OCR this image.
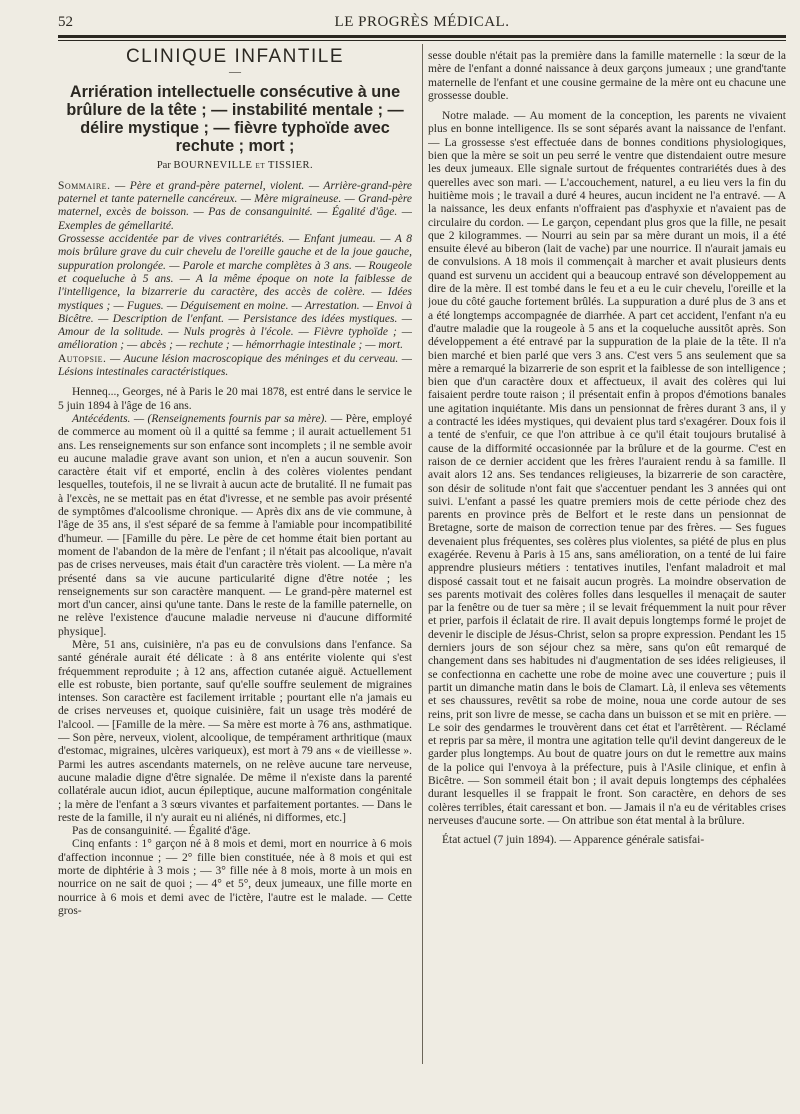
52	LE PROGRÈS MÉDICAL.
CLINIQUE INFANTILE
—
Arriération intellectuelle consécutive à une brûlure de la tête ; — instabilité mentale ; — délire mystique ; — fièvre typhoïde avec rechute ; mort ;
Par BOURNEVILLE et TISSIER.

Sommaire. — Père et grand-père paternel, violent. — Arrière-grand-père paternel et tante paternelle cancéreux. — Mère migraineuse. — Grand-père maternel, excès de boisson. — Pas de consanguinité. — Égalité d'âge. — Exemples de gémellarité.

Grossesse accidentée par de vives contrariétés. — Enfant jumeau. — A 8 mois brûlure grave du cuir chevelu de l'oreille gauche et de la joue gauche, suppuration prolongée. — Parole et marche complètes à 3 ans. — Rougeole et coqueluche à 5 ans. — A la même époque on note la faiblesse de l'intelligence, la bizarrerie du caractère, des accès de colère. — Idées mystiques ; — Fugues. — Déguisement en moine. — Arrestation. — Envoi à Bicêtre. — Description de l'enfant. — Persistance des idées mystiques. — Amour de la solitude. — Nuls progrès à l'école. — Fièvre typhoïde ; — amélioration ; — abcès ; — rechute ; — hémorrhagie intestinale ; — mort.

Autopsie. — Aucune lésion macroscopique des méninges et du cerveau. — Lésions intestinales caractéristiques.

Henneq..., Georges, né à Paris le 20 mai 1878, est entré dans le service le 5 juin 1894 à l'âge de 16 ans.

Antécédents. — (Renseignements fournis par sa mère). — Père, employé de commerce au moment où il a quitté sa femme ; il aurait actuellement 51 ans. Les renseignements sur son enfance sont incomplets ; il ne semble avoir eu aucune maladie grave avant son union, et n'en a aucun souvenir. Son caractère était vif et emporté, enclin à des colères violentes pendant lesquelles, toutefois, il ne se livrait à aucun acte de brutalité. Il ne fumait pas à l'excès, ne se mettait pas en état d'ivresse, et ne semble pas avoir présenté de symptômes d'alcoolisme chronique. — Après dix ans de vie commune, à l'âge de 35 ans, il s'est séparé de sa femme à l'amiable pour incompatibilité d'humeur. — [Famille du père. Le père de cet homme était bien portant au moment de l'abandon de la mère de l'enfant ; il n'était pas alcoolique, n'avait pas de crises nerveuses, mais était d'un caractère très violent. — La mère n'a présenté dans sa vie aucune particularité digne d'être notée ; les renseignements sur son caractère manquent. — Le grand-père maternel est mort d'un cancer, ainsi qu'une tante. Dans le reste de la famille paternelle, on ne relève l'existence d'aucune maladie nerveuse ni d'aucune difformité physique].

Mère, 51 ans, cuisinière, n'a pas eu de convulsions dans l'enfance. Sa santé générale aurait été délicate : à 8 ans entérite violente qui s'est fréquemment reproduite ; à 12 ans, affection cutanée aiguë. Actuellement elle est robuste, bien portante, sauf qu'elle souffre seulement de migraines intenses. Son caractère est facilement irritable ; pourtant elle n'a jamais eu de crises nerveuses et, quoique cuisinière, fait un usage très modéré de l'alcool. — [Famille de la mère. — Sa mère est morte à 76 ans, asthmatique. — Son père, nerveux, violent, alcoolique, de tempérament arthritique (maux d'estomac, migraines, ulcères variqueux), est mort à 79 ans « de vieillesse ». Parmi les autres ascendants maternels, on ne relève aucune tare nerveuse, aucune maladie digne d'être signalée. De même il n'existe dans la parenté collatérale aucun idiot, aucun épileptique, aucune malformation congénitale ; la mère de l'enfant a 3 sœurs vivantes et parfaitement portantes. — Dans le reste de la famille, il n'y aurait eu ni aliénés, ni difformes, etc.]

Pas de consanguinité. — Égalité d'âge.

Cinq enfants : 1° garçon né à 8 mois et demi, mort en nourrice à 6 mois d'affection inconnue ; — 2° fille bien constituée, née à 8 mois et qui est morte de diphtérie à 3 mois ; — 3° fille née à 8 mois, morte à un mois en nourrice on ne sait de quoi ; — 4° et 5°, deux jumeaux, une fille morte en nourrice à 6 mois et demi avec de l'ictère, l'autre est le malade. — Cette gros-

sesse double n'était pas la première dans la famille maternelle : la sœur de la mère de l'enfant a donné naissance à deux garçons jumeaux ; une grand'tante maternelle de l'enfant et une cousine germaine de la mère ont eu chacune une grossesse double.

Notre malade. — Au moment de la conception, les parents ne vivaient plus en bonne intelligence. Ils se sont séparés avant la naissance de l'enfant. — La grossesse s'est effectuée dans de bonnes conditions physiologiques, bien que la mère se soit un peu serré le ventre que distendaient outre mesure les deux jumeaux. Elle signale surtout de fréquentes contrariétés dues à des querelles avec son mari. — L'accouchement, naturel, a eu lieu vers la fin du huitième mois ; le travail a duré 4 heures, aucun incident ne l'a entravé. — A la naissance, les deux enfants n'offraient pas d'asphyxie et n'avaient pas de circulaire du cordon. — Le garçon, cependant plus gros que la fille, ne pesait que 2 kilogrammes. — Nourri au sein par sa mère durant un mois, il a été ensuite élevé au biberon (lait de vache) par une nourrice. Il n'aurait jamais eu de convulsions. A 18 mois il commençait à marcher et avait plusieurs dents quand est survenu un accident qui a beaucoup entravé son développement au dire de la mère. Il est tombé dans le feu et a eu le cuir chevelu, l'oreille et la joue du côté gauche fortement brûlés. La suppuration a duré plus de 3 ans et a été longtemps accompagnée de diarrhée. A part cet accident, l'enfant n'a eu d'autre maladie que la rougeole à 5 ans et la coqueluche aussitôt après. Son développement a été entravé par la suppuration de la plaie de la tête. Il n'a bien marché et bien parlé que vers 3 ans. C'est vers 5 ans seulement que sa mère a remarqué la bizarrerie de son esprit et la faiblesse de son intelligence ; bien que d'un caractère doux et affectueux, il avait des colères qui lui faisaient perdre toute raison ; il présentait enfin à propos d'émotions banales une agitation inquiétante. Mis dans un pensionnat de frères durant 3 ans, il y a contracté les idées mystiques, qui devaient plus tard s'exagérer. Doux fois il a tenté de s'enfuir, ce que l'on attribue à ce qu'il était toujours brutalisé à cause de la difformité occasionnée par la brûlure et de la gourme. C'est en raison de ce dernier accident que les frères l'auraient rendu à sa famille. Il avait alors 12 ans. Ses tendances religieuses, la bizarrerie de son caractère, son désir de solitude n'ont fait que s'accentuer pendant les 3 années qui ont suivi. L'enfant a passé les quatre premiers mois de cette période chez des parents en province près de Belfort et le reste dans un pensionnat de Bretagne, sorte de maison de correction tenue par des frères. — Ses fugues devenaient plus fréquentes, ses colères plus violentes, sa piété de plus en plus exagérée. Revenu à Paris à 15 ans, sans amélioration, on a tenté de lui faire apprendre plusieurs métiers : tentatives inutiles, l'enfant maladroit et mal disposé cassait tout et ne faisait aucun progrès. La moindre observation de ses parents motivait des colères folles dans lesquelles il menaçait de sauter par la fenêtre ou de tuer sa mère ; il se levait fréquemment la nuit pour rêver et prier, parfois il éclatait de rire. Il avait depuis longtemps formé le projet de devenir le disciple de Jésus-Christ, selon sa propre expression. Pendant les 15 derniers jours de son séjour chez sa mère, sans qu'on eût remarqué de changement dans ses habitudes ni d'augmentation de ses idées religieuses, il se confectionna en cachette une robe de moine avec une couverture ; puis il partit un dimanche matin dans le bois de Clamart. Là, il enleva ses vêtements et ses chaussures, revêtit sa robe de moine, noua une corde autour de ses reins, prit son livre de messe, se cacha dans un buisson et se mit en prière. — Le soir des gendarmes le trouvèrent dans cet état et l'arrêtèrent. — Réclamé et repris par sa mère, il montra une agitation telle qu'il devint dangereux de le garder plus longtemps. Au bout de quatre jours on dut le remettre aux mains de la police qui l'envoya à la préfecture, puis à l'Asile clinique, et enfin à Bicêtre. — Son sommeil était bon ; il avait depuis longtemps des céphalées durant lesquelles il se frappait le front. Son caractère, en dehors de ses colères terribles, était caressant et bon. — Jamais il n'a eu de véritables crises nerveuses d'aucune sorte. — On attribue son état mental à la brûlure.

État actuel (7 juin 1894). — Apparence générale satisfai-
